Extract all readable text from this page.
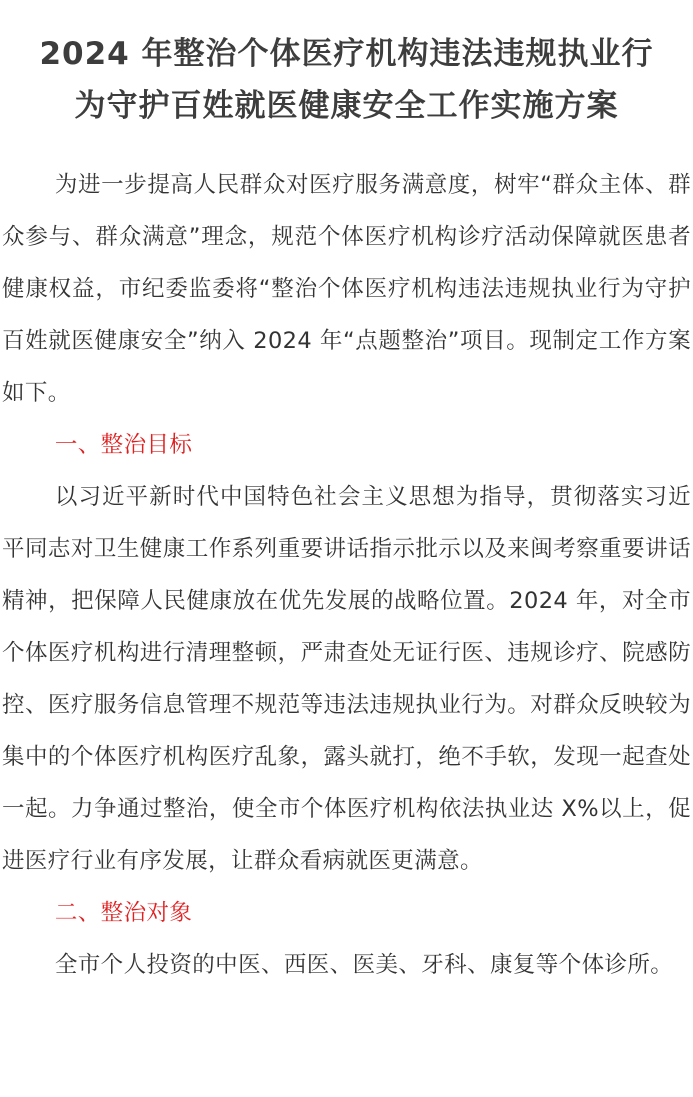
2024 年整治个体医疗机构违法违规执业行
为守护百姓就医健康安全工作实施方案

为进一步提高人民群众对医疗服务满意度，树牢“群众主体、群众参与、群众满意”理念，规范个体医疗机构诊疗活动保障就医患者健康权益，市纪委监委将“整治个体医疗机构违法违规执业行为守护百姓就医健康安全”纳入 2024 年“点题整治”项目。现制定工作方案如下。

一、整治目标

以习近平新时代中国特色社会主义思想为指导，贯彻落实习近平同志对卫生健康工作系列重要讲话指示批示以及来闽考察重要讲话精神，把保障人民健康放在优先发展的战略位置。2024 年，对全市个体医疗机构进行清理整顿，严肃查处无证行医、违规诊疗、院感防控、医疗服务信息管理不规范等违法违规执业行为。对群众反映较为集中的个体医疗机构医疗乱象，露头就打，绝不手软，发现一起查处一起。力争通过整治，使全市个体医疗机构依法执业达 X%以上，促进医疗行业有序发展，让群众看病就医更满意。

二、整治对象

全市个人投资的中医、西医、医美、牙科、康复等个体诊所。
